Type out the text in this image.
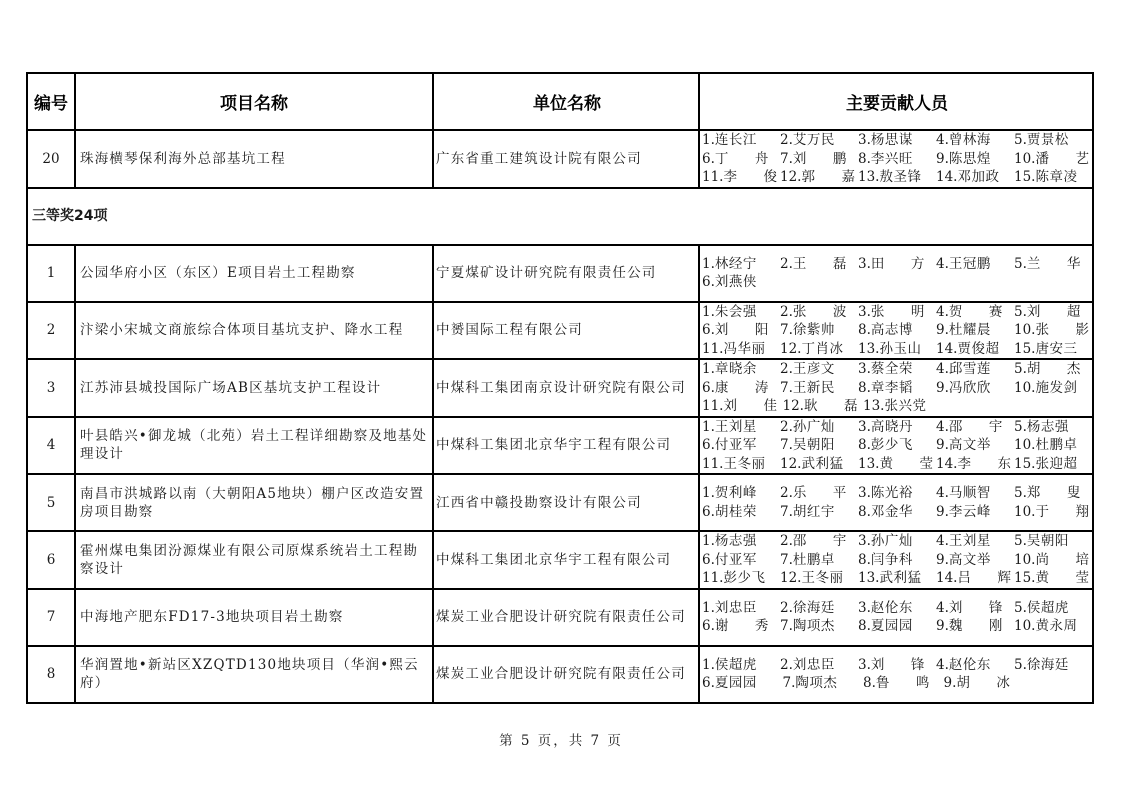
编号	项目名称	单位名称	主要贡献人员
20	珠海横琴保利海外总部基坑工程	广东省重工建筑设计院有限公司	
1. 连长江	2. 艾万民	3. 杨思谋	4. 曾林海	5. 贾景松
6. 丁 舟 7. 刘 鹏 8. 李兴旺	9. 陈思煌	10. 潘 艺
11. 李 俊 12. 郭 嘉 13. 敖圣锋	14. 邓加政	15. 陈章凌

三等奖24项			
1	公园华府小区（东区）E项目岩土工程勘察	宁夏煤矿设计研究院有限责任公司	
1. 林经宁	2. 王 磊 3. 田 方 4. 王冠鹏	5. 兰 华
6. 刘燕侠

2	汴梁小宋城文商旅综合体项目基坑支护、降水工程	中赟国际工程有限公司	
1. 朱会强	2. 张 波 3. 张 明 4. 贺 赛 5. 刘 超
6. 刘 阳 7. 徐紫帅	8. 高志博	9. 杜耀晨	10. 张 影
11. 冯华丽	12. 丁肖冰	13. 孙玉山	14. 贾俊超	15. 唐安三

3	江苏沛县城投国际广场AB区基坑支护工程设计	中煤科工集团南京设计研究院有限公司	
1. 章晓余	2. 王彦文	3. 蔡全荣	4. 邱雪莲	5. 胡 杰
6. 康 涛 7. 王新民	8. 章李韬	9. 冯欣欣	10. 施发剑
11. 刘 佳 12. 耿 磊 13. 张兴党

4	叶县皓兴•御龙城（北苑）岩土工程详细勘察及地基处理设计	中煤科工集团北京华宇工程有限公司	
1. 王刘星	2. 孙广灿	3. 高晓丹	4. 邵 宇 5. 杨志强
6. 付亚军	7. 吴朝阳	8. 彭少飞	9. 高文举	10. 杜鹏卓
11. 王冬丽	12. 武利猛	13. 黄 莹 14. 李 东 15. 张迎超

5	南昌市洪城路以南（大朝阳A5地块）棚户区改造安置房项目勘察	江西省中赣投勘察设计有限公司	
1. 贺利峰	2. 乐 平 3. 陈光裕	4. 马顺智	5. 郑 叟
6. 胡桂荣	7. 胡红宇	8. 邓金华	9. 李云峰	10. 于 翔

6	霍州煤电集团汾源煤业有限公司原煤系统岩土工程勘察设计	中煤科工集团北京华宇工程有限公司	
1. 杨志强	2. 邵 宇 3. 孙广灿	4. 王刘星	5. 吴朝阳
6. 付亚军	7. 杜鹏卓	8. 闫争科	9. 高文举	10. 尚 培
11. 彭少飞	12. 王冬丽	13. 武利猛	14. 吕 辉 15. 黄 莹

7	中海地产肥东FD17-3地块项目岩土勘察	煤炭工业合肥设计研究院有限责任公司	
1. 刘忠臣	2. 徐海廷	3. 赵伦东	4. 刘 锋 5. 侯超虎
6. 谢 秀 7. 陶项杰	8. 夏园园	9. 魏 刚 10. 黄永周

8	华润置地•新站区XZQTD130地块项目（华润•熙云府）	煤炭工业合肥设计研究院有限责任公司	
1. 侯超虎	2. 刘忠臣	3. 刘 锋 4. 赵伦东	5. 徐海廷
6. 夏园园	7. 陶项杰	8. 鲁 鸣 9. 胡 冰
第 5 页，共 7 页
